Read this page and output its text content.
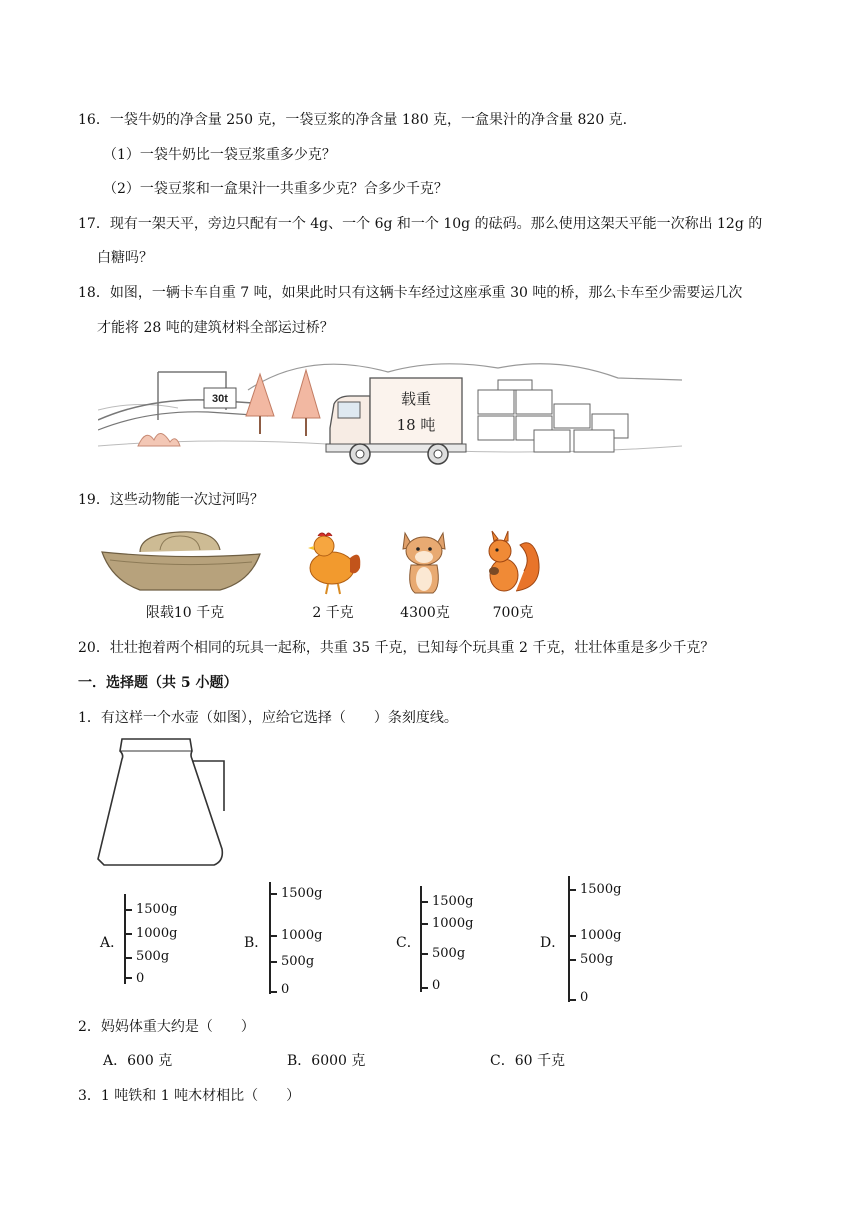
16．一袋牛奶的净含量 250 克，一袋豆浆的净含量 180 克，一盒果汁的净含量 820 克.
（1）一袋牛奶比一袋豆浆重多少克？
（2）一袋豆浆和一盒果汁一共重多少克？合多少千克？
17．现有一架天平，旁边只配有一个 4g、一个 6g 和一个 10g 的砝码。那么使用这架天平能一次称出 12g 的
白糖吗？
18．如图，一辆卡车自重 7 吨，如果此时只有这辆卡车经过这座承重 30 吨的桥，那么卡车至少需要运几次
才能将 28 吨的建筑材料全部运过桥？
30t	载重
18 吨
19．这些动物能一次过河吗？
限载10 千克	2 千克	4300克	700克
20．壮壮抱着两个相同的玩具一起称，共重 35 千克，已知每个玩具重 2 千克，壮壮体重是多少千克？
一．选择题（共 5 小题）
1．有这样一个水壶（如图），应给它选择（　　）条刻度线。
A．
1500g
1000g
500g
0
B．
1500g
1000g
500g
0
C．
1500g
1000g
500g
0
D．
1500g
1000g
500g
0
2．妈妈体重大约是（　　）
A．600 克	B．6000 克	C．60 千克
3．1 吨铁和 1 吨木材相比（　　）
